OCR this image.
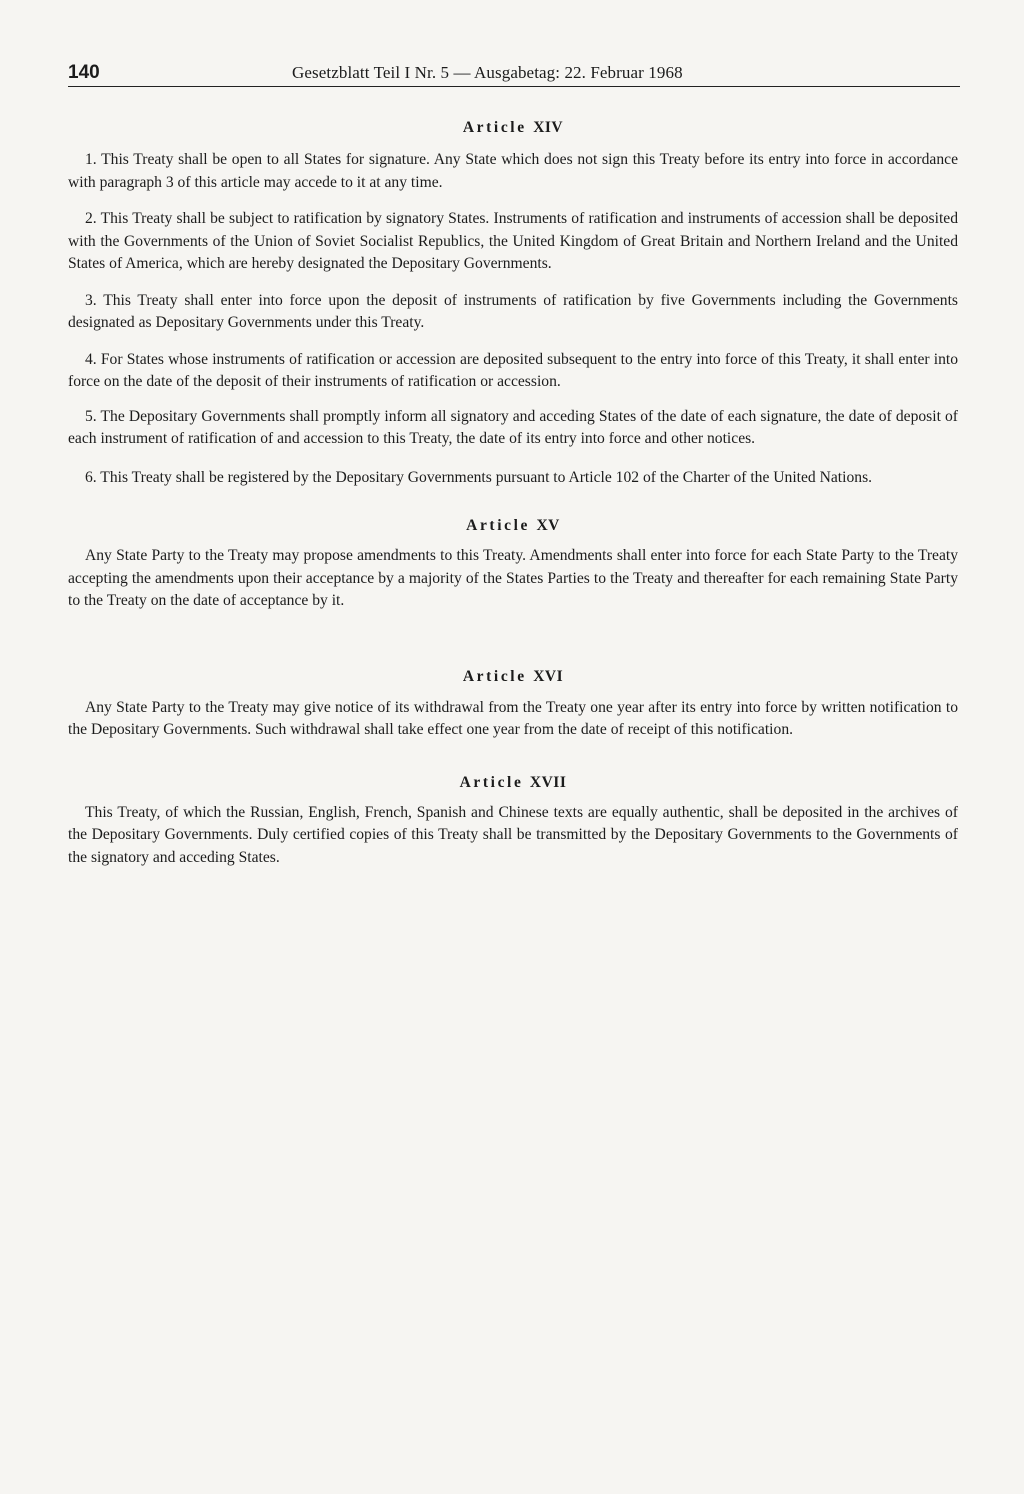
140	Gesetzblatt Teil I Nr. 5 — Ausgabetag: 22. Februar 1968
Article XIV

1. This Treaty shall be open to all States for signature. Any State which does not sign this Treaty before its entry into force in accordance with paragraph 3 of this article may accede to it at any time.

2. This Treaty shall be subject to ratification by signatory States. Instruments of ratification and instruments of accession shall be deposited with the Governments of the Union of Soviet Socialist Republics, the United Kingdom of Great Britain and Northern Ireland and the United States of America, which are hereby designated the Depositary Governments.

3. This Treaty shall enter into force upon the deposit of instruments of ratification by five Governments including the Governments designated as Depositary Governments under this Treaty.

4. For States whose instruments of ratification or accession are deposited subsequent to the entry into force of this Treaty, it shall enter into force on the date of the deposit of their instruments of ratification or accession.

5. The Depositary Governments shall promptly inform all signatory and acceding States of the date of each signature, the date of deposit of each instrument of ratification of and accession to this Treaty, the date of its entry into force and other notices.

6. This Treaty shall be registered by the Depositary Governments pursuant to Article 102 of the Charter of the United Nations.

Article XV

Any State Party to the Treaty may propose amendments to this Treaty. Amendments shall enter into force for each State Party to the Treaty accepting the amendments upon their acceptance by a majority of the States Parties to the Treaty and thereafter for each remaining State Party to the Treaty on the date of acceptance by it.

Article XVI

Any State Party to the Treaty may give notice of its withdrawal from the Treaty one year after its entry into force by written notification to the Depositary Governments. Such withdrawal shall take effect one year from the date of receipt of this notification.

Article XVII

This Treaty, of which the Russian, English, French, Spanish and Chinese texts are equally authentic, shall be deposited in the archives of the Depositary Governments. Duly certified copies of this Treaty shall be transmitted by the Depositary Governments to the Governments of the signatory and acceding States.
